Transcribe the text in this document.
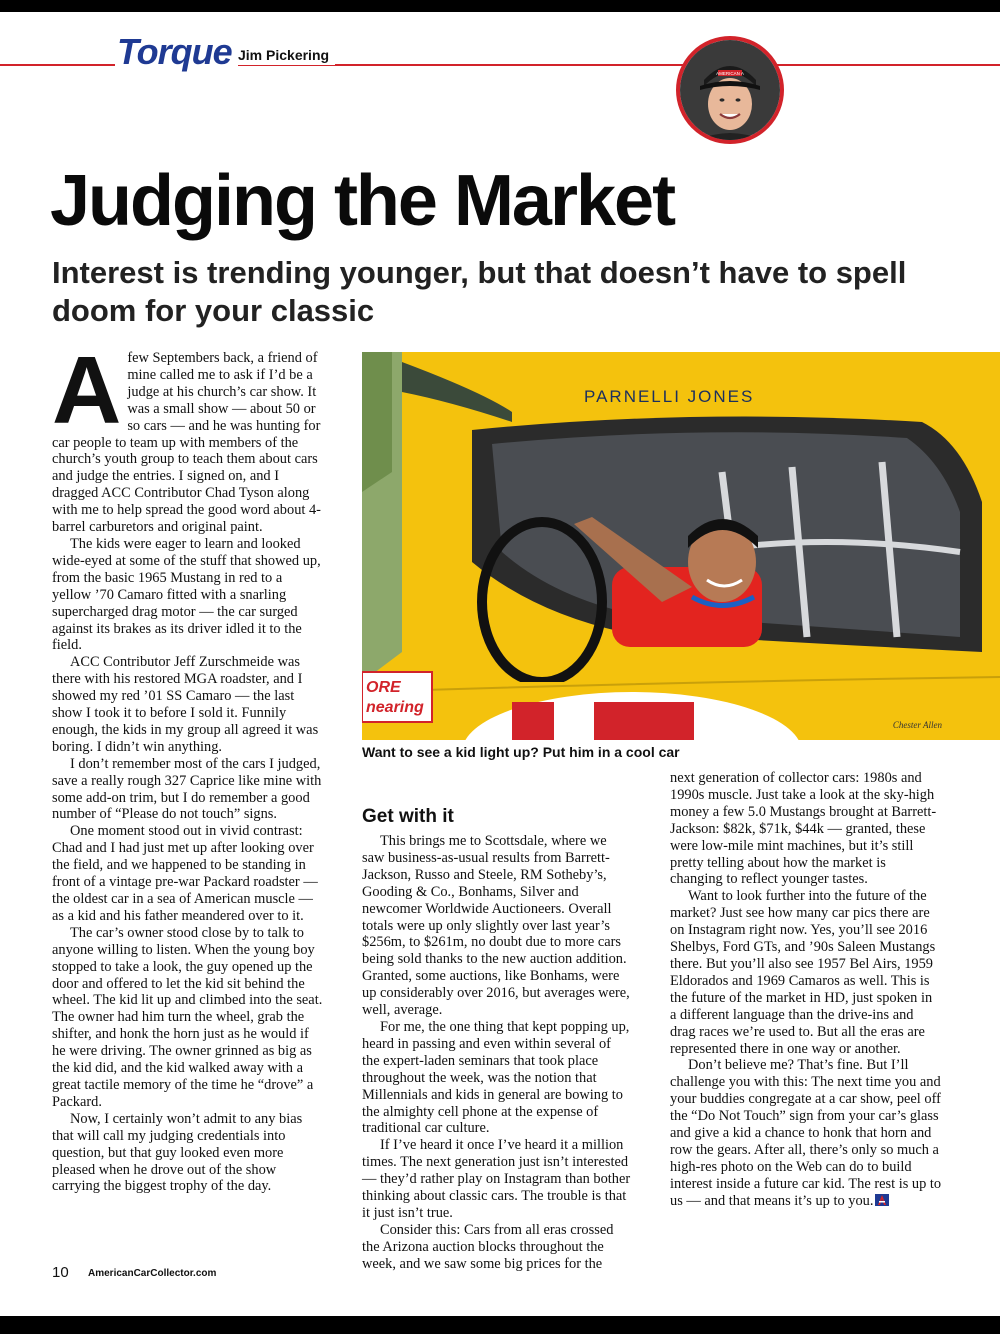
Torque Jim Pickering
AMERICAN A
Judging the Market
Interest is trending younger, but that doesn’t have to spell doom for your classic
A few Septembers back, a friend of mine called me to ask if I’d be a judge at his church’s car show. It was a small show — about 50 or so cars — and he was hunting for car people to team up with members of the church’s youth group to teach them about cars and judge the entries. I signed on, and I dragged ACC Contributor Chad Tyson along with me to help spread the good word about 4-barrel carburetors and original paint.

The kids were eager to learn and looked wide-eyed at some of the stuff that showed up, from the basic 1965 Mustang in red to a yellow ’70 Camaro fitted with a snarling supercharged drag motor — the car surged against its brakes as its driver idled it to the field.

ACC Contributor Jeff Zurschmeide was there with his restored MGA roadster, and I showed my red ’01 SS Camaro — the last show I took it to before I sold it. Funnily enough, the kids in my group all agreed it was boring. I didn’t win anything.

I don’t remember most of the cars I judged, save a really rough 327 Caprice like mine with some add-on trim, but I do remember a good number of “Please do not touch” signs.

One moment stood out in vivid contrast: Chad and I had just met up after looking over the field, and we happened to be standing in front of a vintage pre-war Packard roadster — the oldest car in a sea of American muscle — as a kid and his father meandered over to it.

The car’s owner stood close by to talk to anyone willing to listen. When the young boy stopped to take a look, the guy opened up the door and offered to let the kid sit behind the wheel. The kid lit up and climbed into the seat. The owner had him turn the wheel, grab the shifter, and honk the horn just as he would if he were driving. The owner grinned as big as the kid did, and the kid walked away with a great tactile memory of the time he “drove” a Packard.

Now, I certainly won’t admit to any bias that will call my judging credentials into question, but that guy looked even more pleased when he drove out of the show carrying the biggest trophy of the day.

ORE
nearing
PARNELLI JONES
Chester Allen
Want to see a kid light up? Put him in a cool car
Get with it

This brings me to Scottsdale, where we saw business-as-usual results from Barrett-Jackson, Russo and Steele, RM Sotheby’s, Gooding & Co., Bonhams, Silver and newcomer Worldwide Auctioneers. Overall totals were up only slightly over last year’s $256m, to $261m, no doubt due to more cars being sold thanks to the new auction addition. Granted, some auctions, like Bonhams, were up considerably over 2016, but averages were, well, average.

For me, the one thing that kept popping up, heard in passing and even within several of the expert-laden seminars that took place throughout the week, was the notion that Millennials and kids in general are bowing to the almighty cell phone at the expense of traditional car culture.

If I’ve heard it once I’ve heard it a million times. The next generation just isn’t interested — they’d rather play on Instagram than bother thinking about classic cars. The trouble is that it just isn’t true.

Consider this: Cars from all eras crossed the Arizona auction blocks throughout the week, and we saw some big prices for the

next generation of collector cars: 1980s and 1990s muscle. Just take a look at the sky-high money a few 5.0 Mustangs brought at Barrett-Jackson: $82k, $71k, $44k — granted, these were low-mile mint machines, but it’s still pretty telling about how the market is changing to reflect younger tastes.

Want to look further into the future of the market? Just see how many car pics there are on Instagram right now. Yes, you’ll see 2016 Shelbys, Ford GTs, and ’90s Saleen Mustangs there. But you’ll also see 1957 Bel Airs, 1959 Eldorados and 1969 Camaros as well. This is the future of the market in HD, just spoken in a different language than the drive-ins and drag races we’re used to. But all the eras are represented there in one way or another.

Don’t believe me? That’s fine. But I’ll challenge you with this: The next time you and your buddies congregate at a car show, peel off the “Do Not Touch” sign from your car’s glass and give a kid a chance to honk that horn and row the gears. After all, there’s only so much a high-res photo on the Web can do to build interest inside a future car kid. The rest is up to us — and that means it’s up to you.

10 AmericanCarCollector.com
